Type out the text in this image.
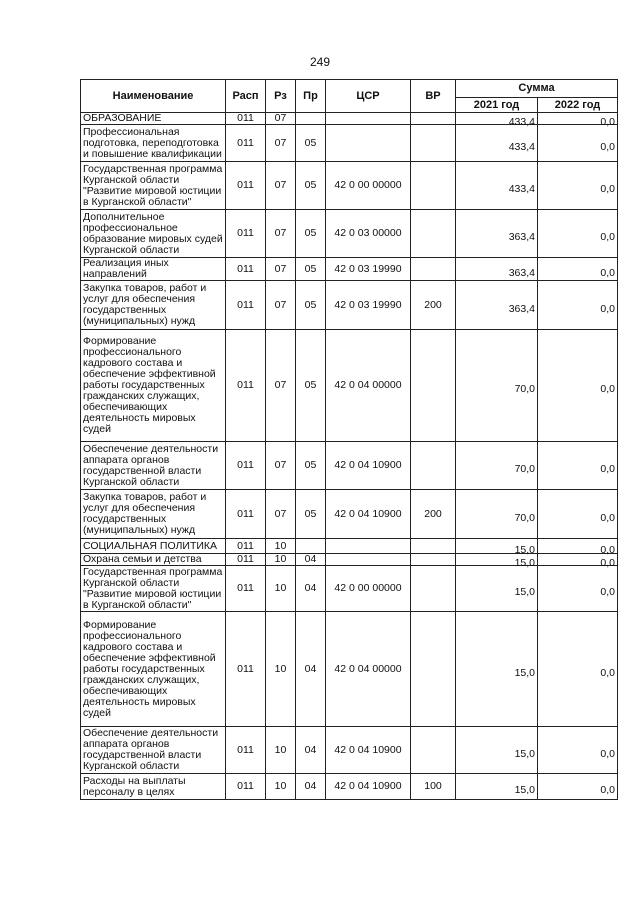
249
Наименование	Расп	Рз	Пр	ЦСР	ВР	Сумма	
						2021 год	2022 год
ОБРАЗОВАНИЕ	011	07				433,4	0,0
Профессиональная подготовка, переподготовка и повышение квалификации	011	07	05			433,4	0,0
Государственная программа Курганской области "Развитие мировой юстиции в Курганской области"	011	07	05	42 0 00 00000		433,4	0,0
Дополнительное профессиональное образование мировых судей Курганской области	011	07	05	42 0 03 00000		363,4	0,0
Реализация иных направлений	011	07	05	42 0 03 19990		363,4	0,0
Закупка товаров, работ и услуг для обеспечения государственных (муниципальных) нужд	011	07	05	42 0 03 19990	200	363,4	0,0
Формирование профессионального кадрового состава и обеспечение эффективной работы государственных гражданских служащих, обеспечивающих деятельность мировых судей	011	07	05	42 0 04 00000		70,0	0,0
Обеспечение деятельности аппарата органов государственной власти Курганской области	011	07	05	42 0 04 10900		70,0	0,0
Закупка товаров, работ и услуг для обеспечения государственных (муниципальных) нужд	011	07	05	42 0 04 10900	200	70,0	0,0
СОЦИАЛЬНАЯ ПОЛИТИКА	011	10				15,0	0,0
Охрана семьи и детства	011	10	04			15,0	0,0
Государственная программа Курганской области "Развитие мировой юстиции в Курганской области"	011	10	04	42 0 00 00000		15,0	0,0
Формирование профессионального кадрового состава и обеспечение эффективной работы государственных гражданских служащих, обеспечивающих деятельность мировых судей	011	10	04	42 0 04 00000		15,0	0,0
Обеспечение деятельности аппарата органов государственной власти Курганской области	011	10	04	42 0 04 10900		15,0	0,0
Расходы на выплаты персоналу в целях	011	10	04	42 0 04 10900	100	15,0	0,0
